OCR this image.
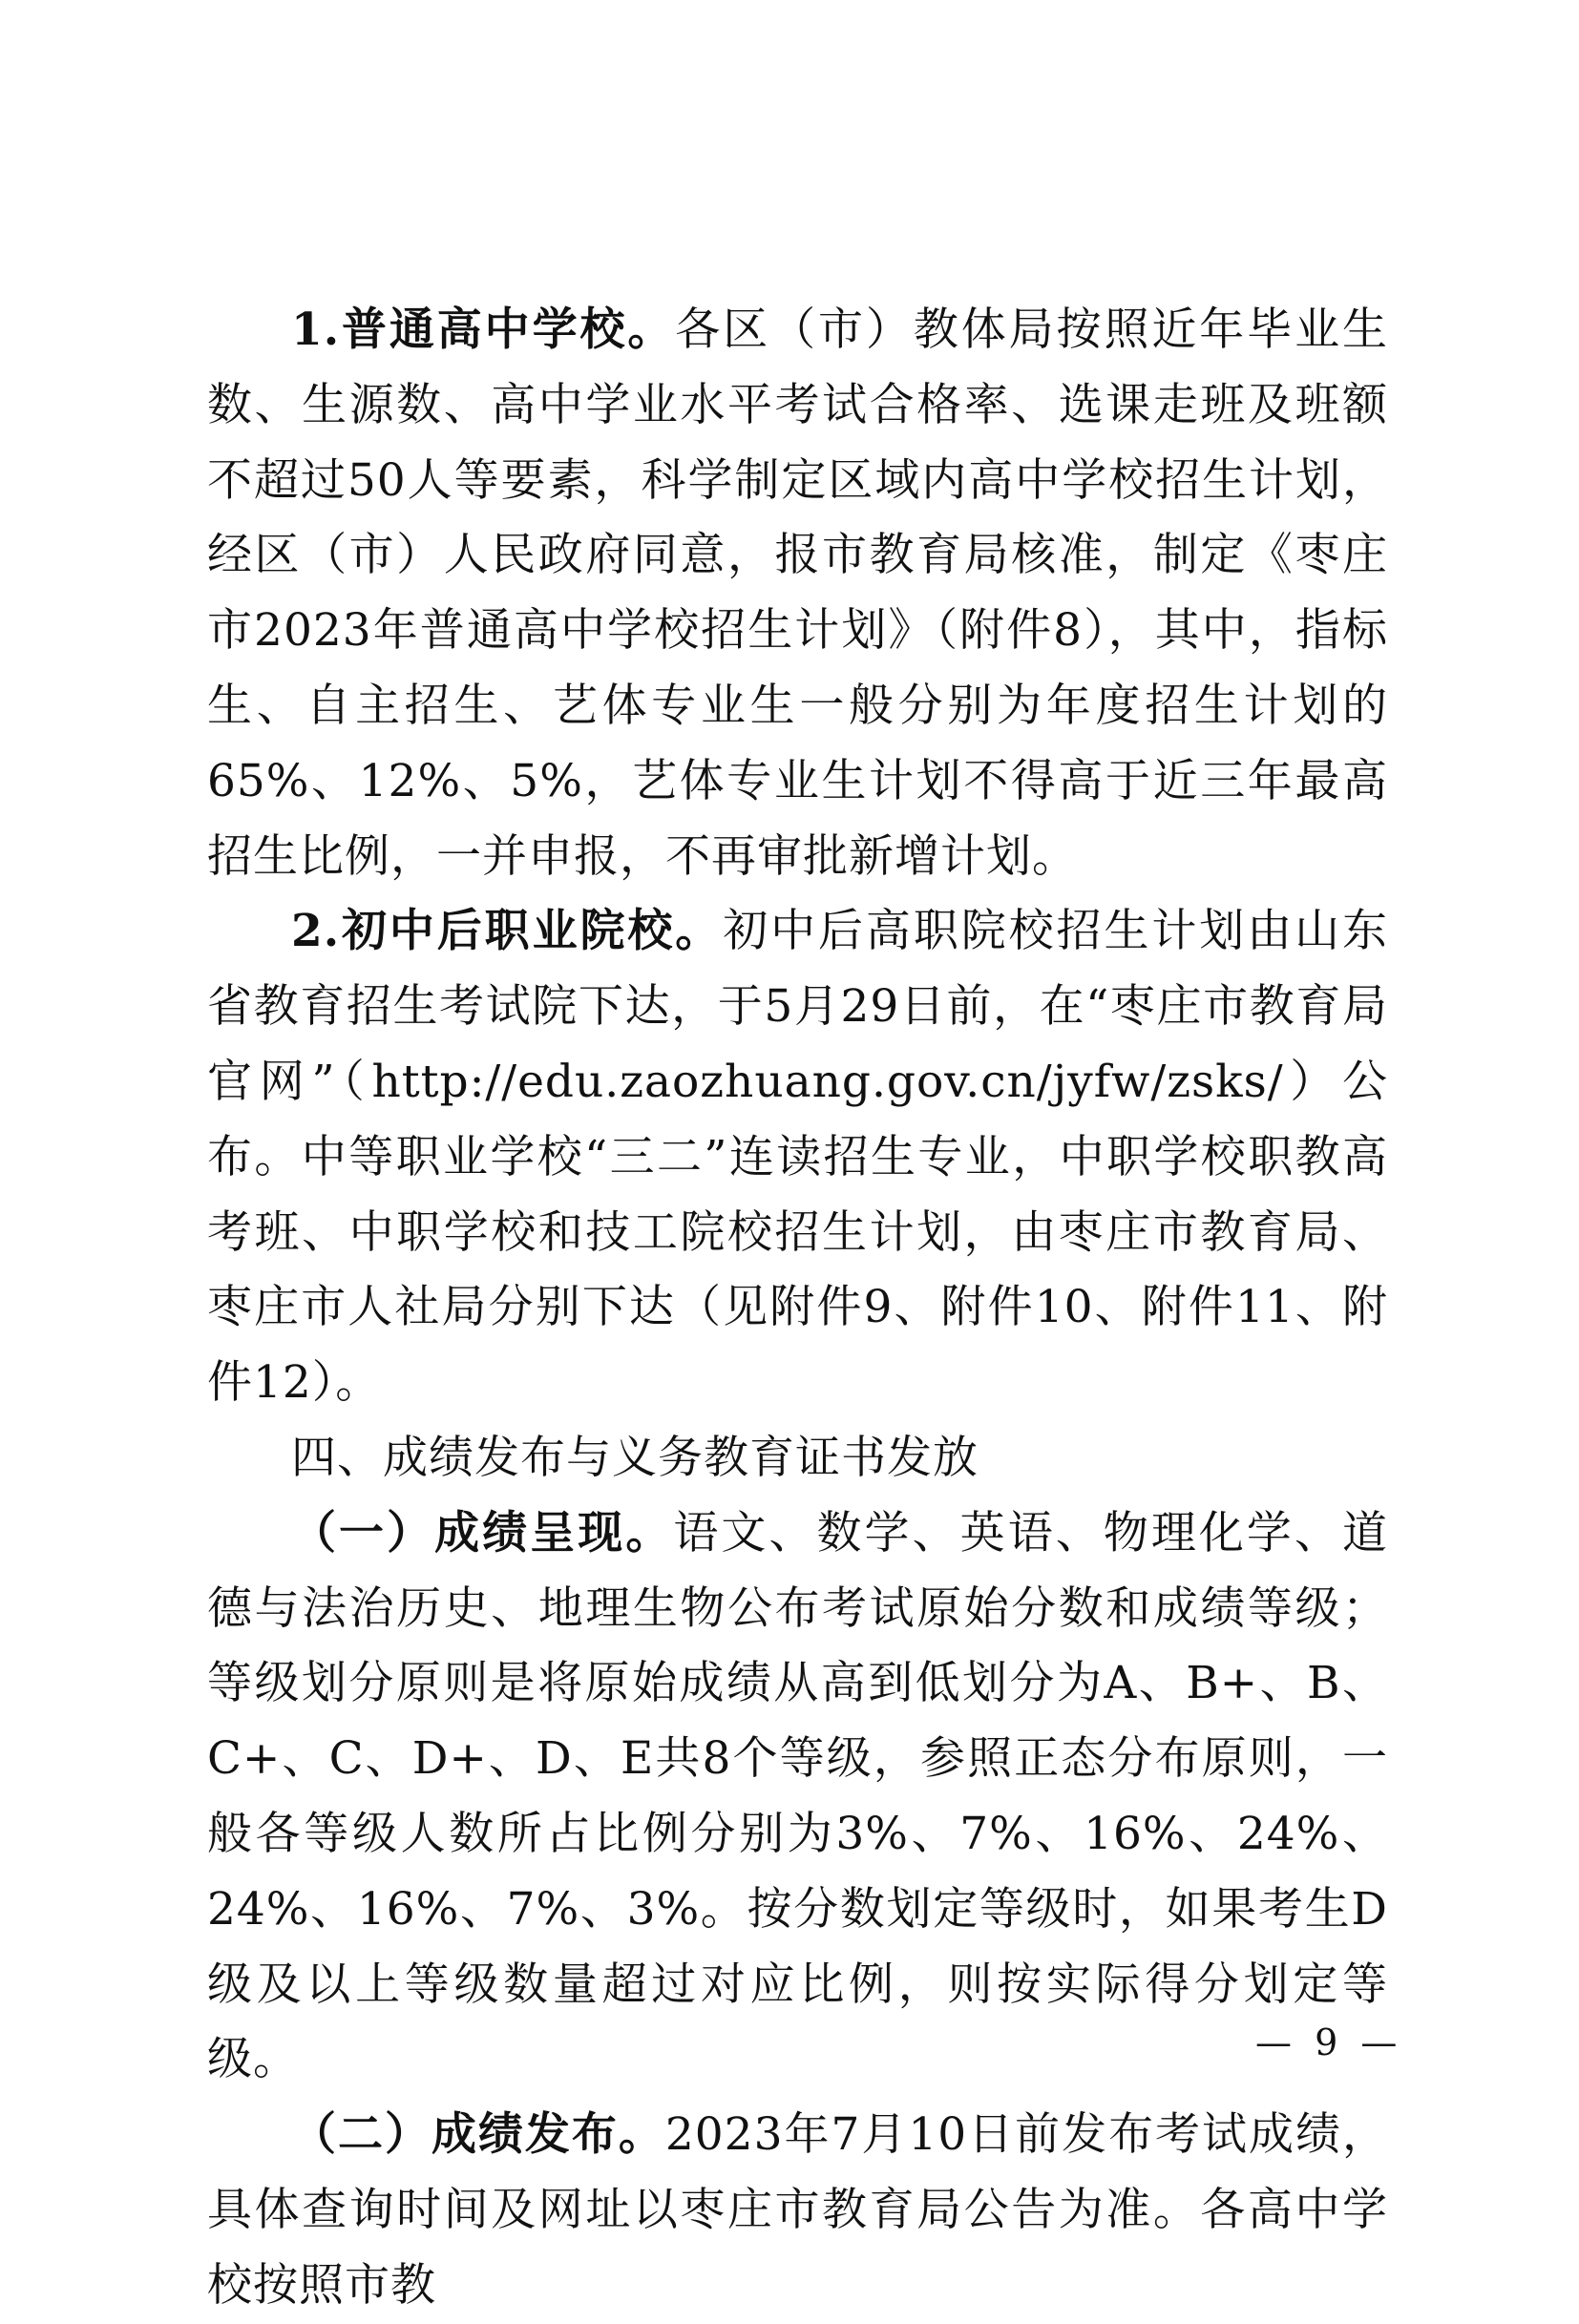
1.普通高中学校。各区（市）教体局按照近年毕业生数、生源数、高中学业水平考试合格率、选课走班及班额不超过50人等要素，科学制定区域内高中学校招生计划，经区（市）人民政府同意，报市教育局核准，制定《枣庄市2023年普通高中学校招生计划》（附件8），其中，指标生、自主招生、艺体专业生一般分别为年度招生计划的65%、12%、5%，艺体专业生计划不得高于近三年最高招生比例，一并申报，不再审批新增计划。

2.初中后职业院校。初中后高职院校招生计划由山东省教育招生考试院下达，于5月29日前，在“枣庄市教育局官网”（http://edu.zaozhuang.gov.cn/jyfw/zsks/）公布。中等职业学校“三二”连读招生专业，中职学校职教高考班、中职学校和技工院校招生计划，由枣庄市教育局、枣庄市人社局分别下达（见附件9、附件10、附件11、附件12）。

四、成绩发布与义务教育证书发放

（一）成绩呈现。语文、数学、英语、物理化学、道德与法治历史、地理生物公布考试原始分数和成绩等级；等级划分原则是将原始成绩从高到低划分为A、B+、B、C+、C、D+、D、E共8个等级，参照正态分布原则，一般各等级人数所占比例分别为3%、7%、16%、24%、24%、16%、7%、3%。按分数划定等级时，如果考生D级及以上等级数量超过对应比例，则按实际得分划定等级。

（二）成绩发布。2023年7月10日前发布考试成绩，具体查询时间及网址以枣庄市教育局公告为准。各高中学校按照市教

— 9 —
